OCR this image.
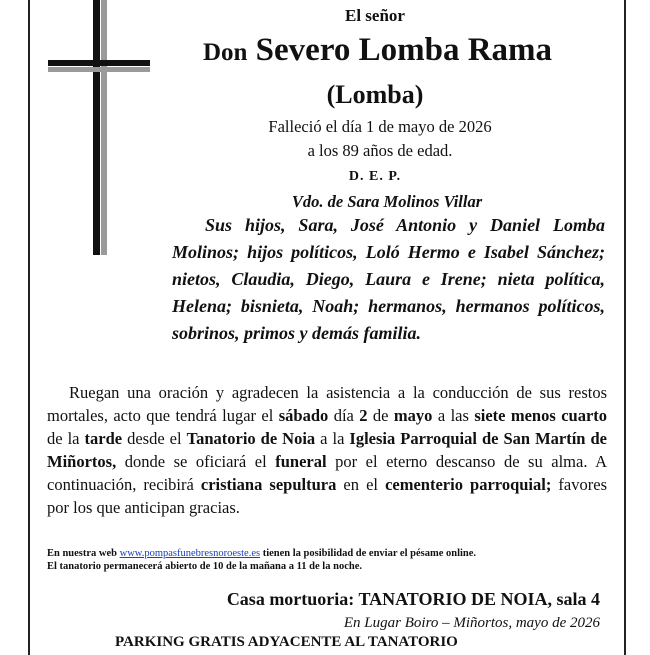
El señor
Don Severo Lomba Rama
(Lomba)
Falleció el día 1 de mayo de 2026
a los 89 años de edad.
D. E. P.
Vdo. de Sara Molinos Villar
Sus hijos, Sara, José Antonio y Daniel Lomba Molinos; hijos políticos, Loló Hermo e Isabel Sánchez; nietos, Claudia, Diego, Laura e Irene; nieta política, Helena; bisnieta, Noah; hermanos, hermanos políticos, sobrinos, primos y demás familia.
Ruegan una oración y agradecen la asistencia a la conducción de sus restos mortales, acto que tendrá lugar el sábado día 2 de mayo a las siete menos cuarto de la tarde desde el Tanatorio de Noia a la Iglesia Parroquial de San Martín de Miñortos, donde se oficiará el funeral por el eterno descanso de su alma. A continuación, recibirá cristiana sepultura en el cementerio parroquial; favores por los que anticipan gracias.
En nuestra web www.pompasfunebresnoroeste.es tienen la posibilidad de enviar el pésame online.
El tanatorio permanecerá abierto de 10 de la mañana a 11 de la noche.
Casa mortuoria: TANATORIO DE NOIA, sala 4
En Lugar Boiro – Miñortos, mayo de 2026
PARKING GRATIS ADYACENTE AL TANATORIO
